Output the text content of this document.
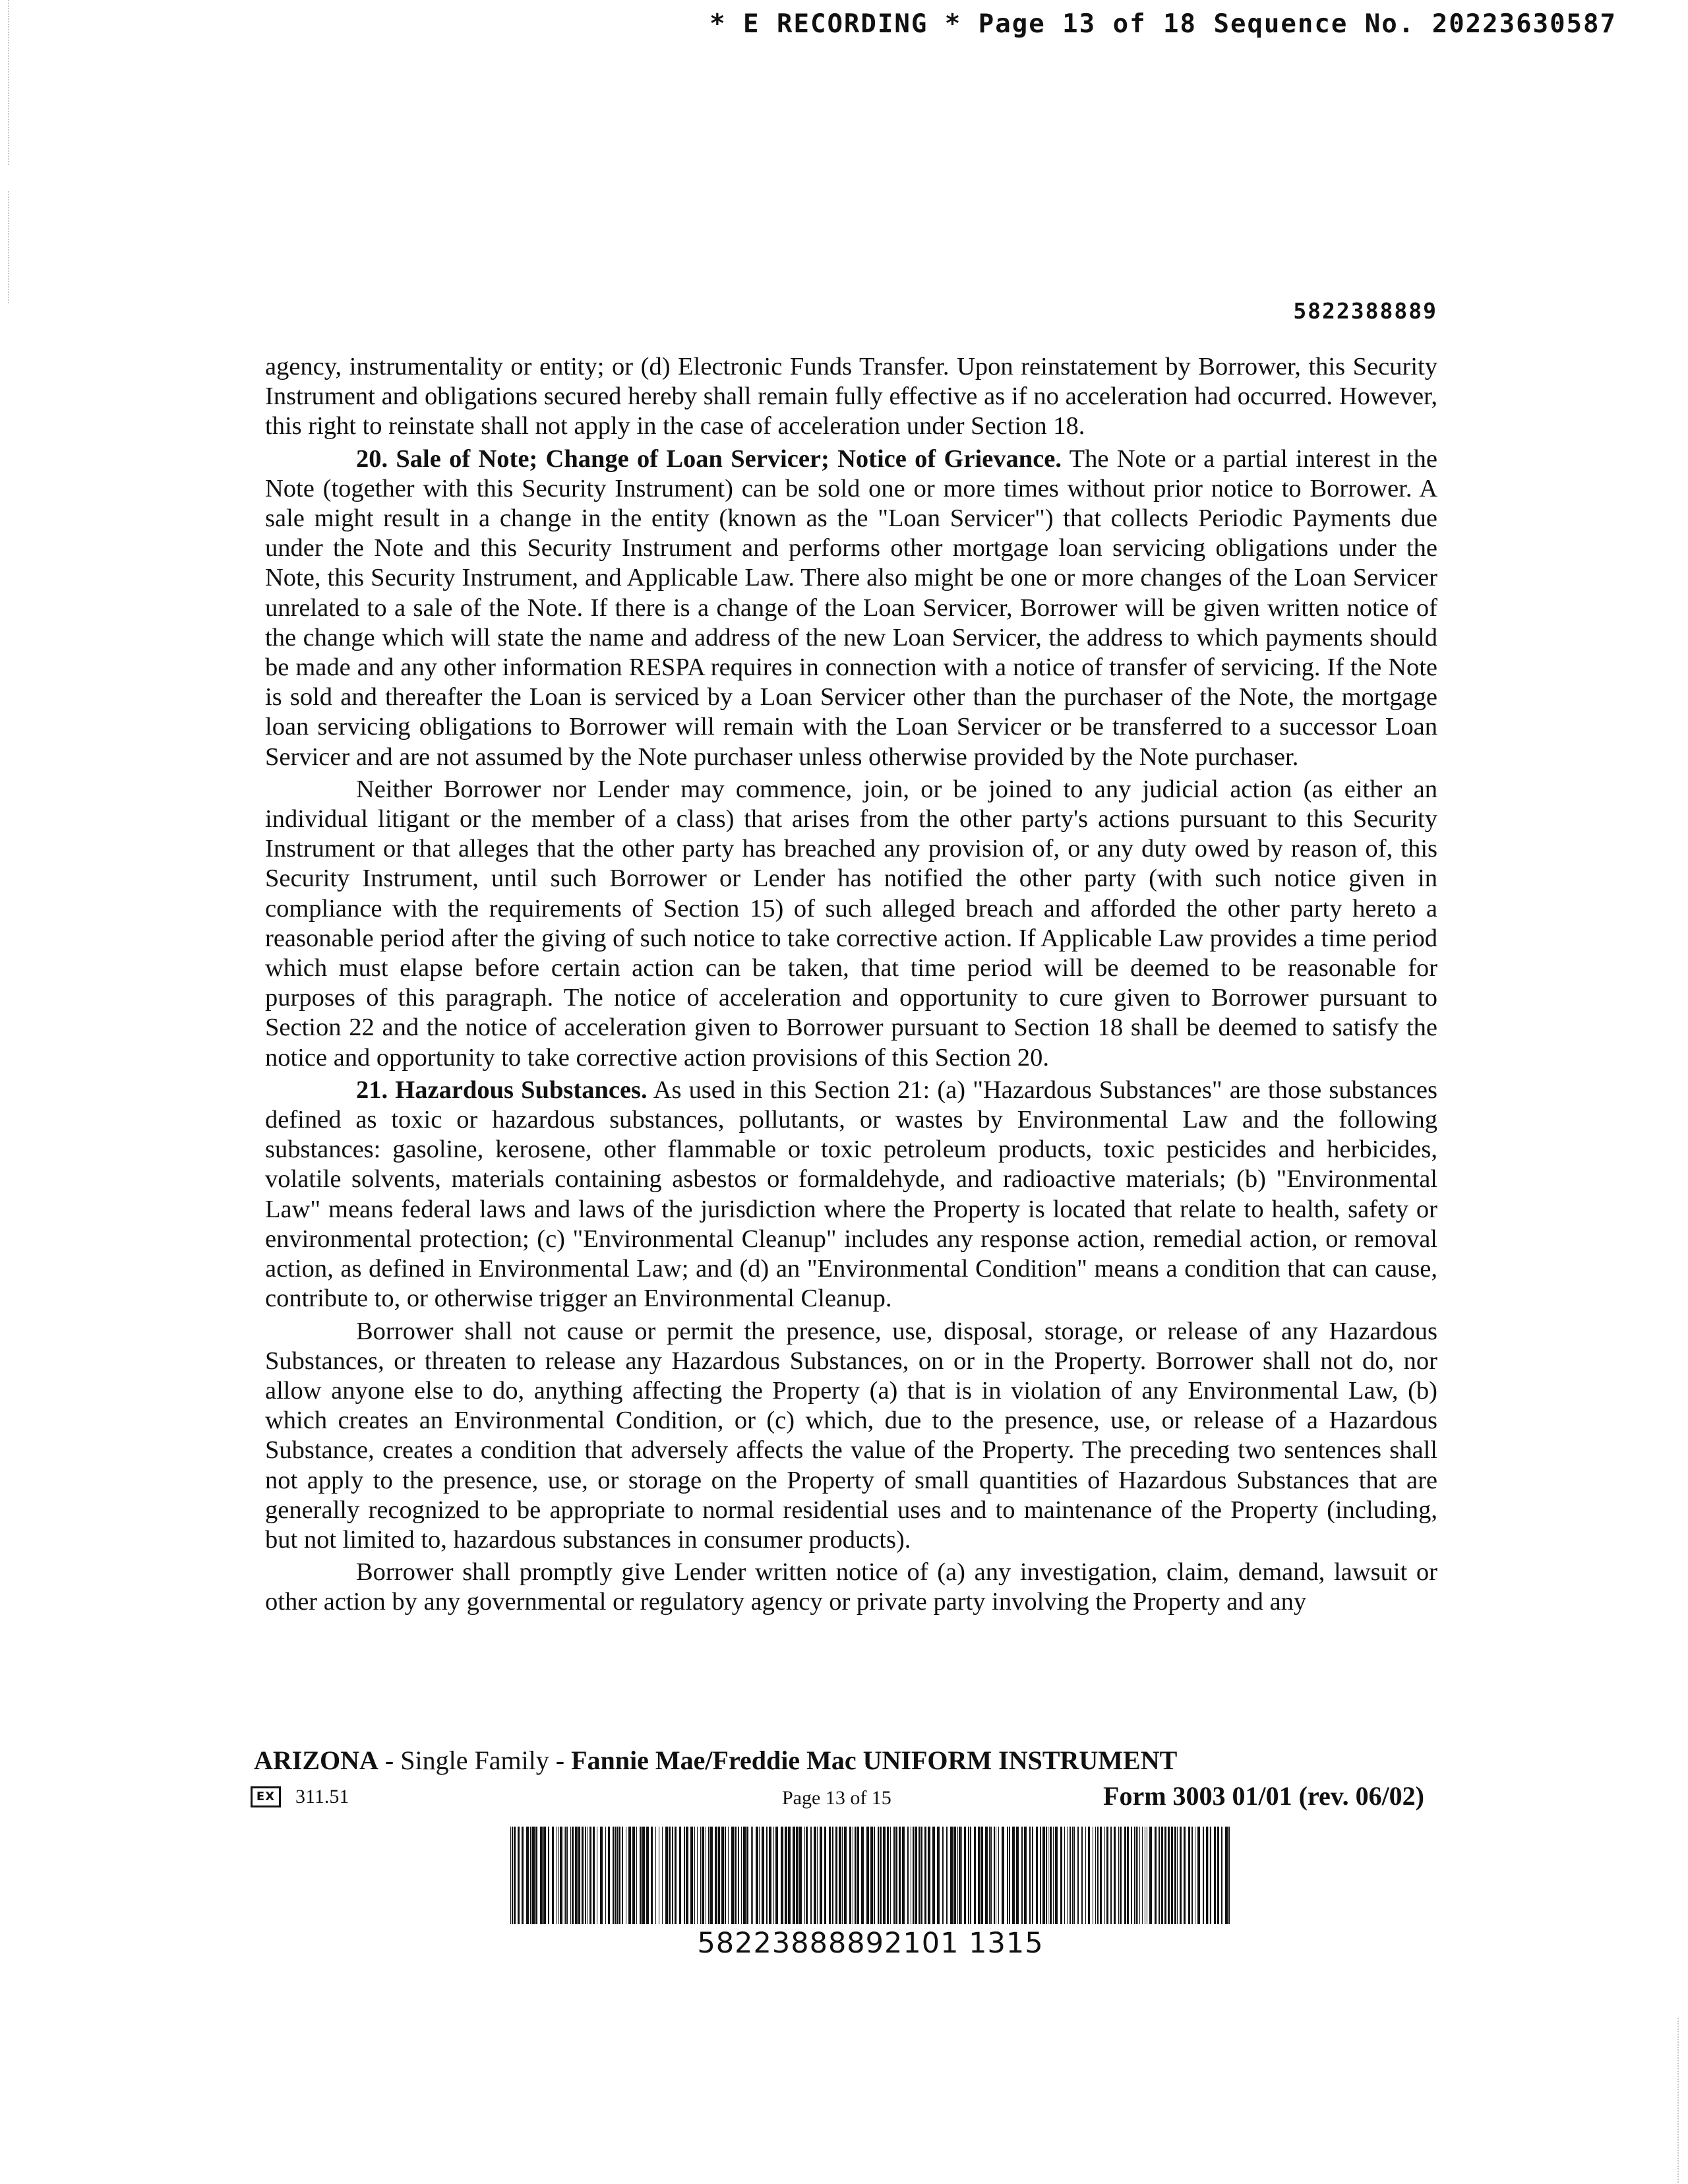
* E RECORDING * Page 13 of 18 Sequence No. 20223630587
5822388889

agency, instrumentality or entity; or (d) Electronic Funds Transfer. Upon reinstatement by Borrower, this Security Instrument and obligations secured hereby shall remain fully effective as if no acceleration had occurred. However, this right to reinstate shall not apply in the case of acceleration under Section 18.

20. Sale of Note; Change of Loan Servicer; Notice of Grievance. The Note or a partial interest in the Note (together with this Security Instrument) can be sold one or more times without prior notice to Borrower. A sale might result in a change in the entity (known as the "Loan Servicer") that collects Periodic Payments due under the Note and this Security Instrument and performs other mortgage loan servicing obligations under the Note, this Security Instrument, and Applicable Law. There also might be one or more changes of the Loan Servicer unrelated to a sale of the Note. If there is a change of the Loan Servicer, Borrower will be given written notice of the change which will state the name and address of the new Loan Servicer, the address to which payments should be made and any other information RESPA requires in connection with a notice of transfer of servicing. If the Note is sold and thereafter the Loan is serviced by a Loan Servicer other than the purchaser of the Note, the mortgage loan servicing obligations to Borrower will remain with the Loan Servicer or be transferred to a successor Loan Servicer and are not assumed by the Note purchaser unless otherwise provided by the Note purchaser.

Neither Borrower nor Lender may commence, join, or be joined to any judicial action (as either an individual litigant or the member of a class) that arises from the other party's actions pursuant to this Security Instrument or that alleges that the other party has breached any provision of, or any duty owed by reason of, this Security Instrument, until such Borrower or Lender has notified the other party (with such notice given in compliance with the requirements of Section 15) of such alleged breach and afforded the other party hereto a reasonable period after the giving of such notice to take corrective action. If Applicable Law provides a time period which must elapse before certain action can be taken, that time period will be deemed to be reasonable for purposes of this paragraph. The notice of acceleration and opportunity to cure given to Borrower pursuant to Section 22 and the notice of acceleration given to Borrower pursuant to Section 18 shall be deemed to satisfy the notice and opportunity to take corrective action provisions of this Section 20.

21. Hazardous Substances. As used in this Section 21: (a) "Hazardous Substances" are those substances defined as toxic or hazardous substances, pollutants, or wastes by Environmental Law and the following substances: gasoline, kerosene, other flammable or toxic petroleum products, toxic pesticides and herbicides, volatile solvents, materials containing asbestos or formaldehyde, and radioactive materials; (b) "Environmental Law" means federal laws and laws of the jurisdiction where the Property is located that relate to health, safety or environmental protection; (c) "Environmental Cleanup" includes any response action, remedial action, or removal action, as defined in Environmental Law; and (d) an "Environmental Condition" means a condition that can cause, contribute to, or otherwise trigger an Environmental Cleanup.

Borrower shall not cause or permit the presence, use, disposal, storage, or release of any Hazardous Substances, or threaten to release any Hazardous Substances, on or in the Property. Borrower shall not do, nor allow anyone else to do, anything affecting the Property (a) that is in violation of any Environmental Law, (b) which creates an Environmental Condition, or (c) which, due to the presence, use, or release of a Hazardous Substance, creates a condition that adversely affects the value of the Property. The preceding two sentences shall not apply to the presence, use, or storage on the Property of small quantities of Hazardous Substances that are generally recognized to be appropriate to normal residential uses and to maintenance of the Property (including, but not limited to, hazardous substances in consumer products).

Borrower shall promptly give Lender written notice of (a) any investigation, claim, demand, lawsuit or other action by any governmental or regulatory agency or private party involving the Property and any

ARIZONA - Single Family - Fannie Mae/Freddie Mac UNIFORM INSTRUMENT
EX 311.51	Page 13 of 15	Form 3003 01/01 (rev. 06/02)
58223888892101 1315
